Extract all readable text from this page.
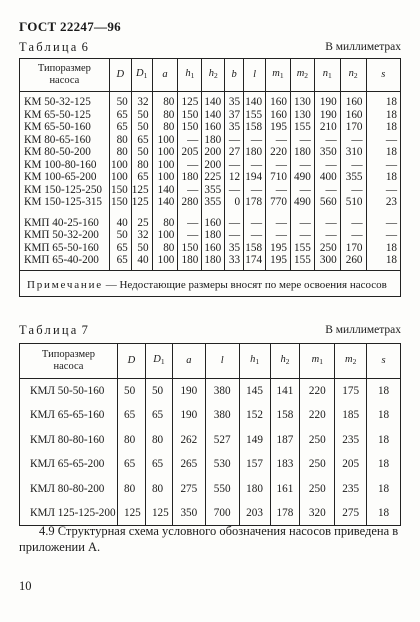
ГОСТ 22247—96
Таблица 6	В миллиметрах
Типоразмер насоса	D	$D_1$	a	$h_1$	$h_2$	b	l	$m_1$	$m_2$	$n_1$	$n_2$	s
КМ 50-32-125	50	32	80	125	140	35	140	160	130	190	160	18
КМ 65-50-125	65	50	80	150	140	37	155	160	130	190	160	18
КМ 65-50-160	65	50	80	150	160	35	158	195	155	210	170	18
КМ 80-65-160	80	65	100	—	180	—	—	—	—	—	—	—
КМ 80-50-200	80	50	100	205	200	27	180	220	180	350	310	18
КМ 100-80-160	100	80	100	—	200	—	—	—	—	—	—	—
КМ 100-65-200	100	65	100	180	225	12	194	710	490	400	355	18
КМ 150-125-250	150	125	140	—	355	—	—	—	—	—	—	—
КМ 150-125-315	150	125	140	280	355	0	178	770	490	560	510	23

КМП 40-25-160	40	25	80	—	160	—	—	—	—	—	—	—
КМП 50-32-200	50	32	100	—	180	—	—	—	—	—	—	—
КМП 65-50-160	65	50	80	150	160	35	158	195	155	250	170	18
КМП 65-40-200	65	40	100	180	180	33	174	195	155	300	260	18
Примечание — Недостающие размеры вносят по мере освоения насосов												
Таблица 7	В миллиметрах
Типоразмер насоса	D	$D_1$	a	l	$h_1$	$h_2$	$m_1$	$m_2$	s
КМЛ 50-50-160	50	50	190	380	145	141	220	175	18
КМЛ 65-65-160	65	65	190	380	152	158	220	185	18
КМЛ 80-80-160	80	80	262	527	149	187	250	235	18
КМЛ 65-65-200	65	65	265	530	157	183	250	205	18
КМЛ 80-80-200	80	80	275	550	180	161	250	235	18
КМЛ 125-125-200	125	125	350	700	203	178	320	275	18
4.9 Структурная схема условного обозначения насосов приведена в приложении А.
10
